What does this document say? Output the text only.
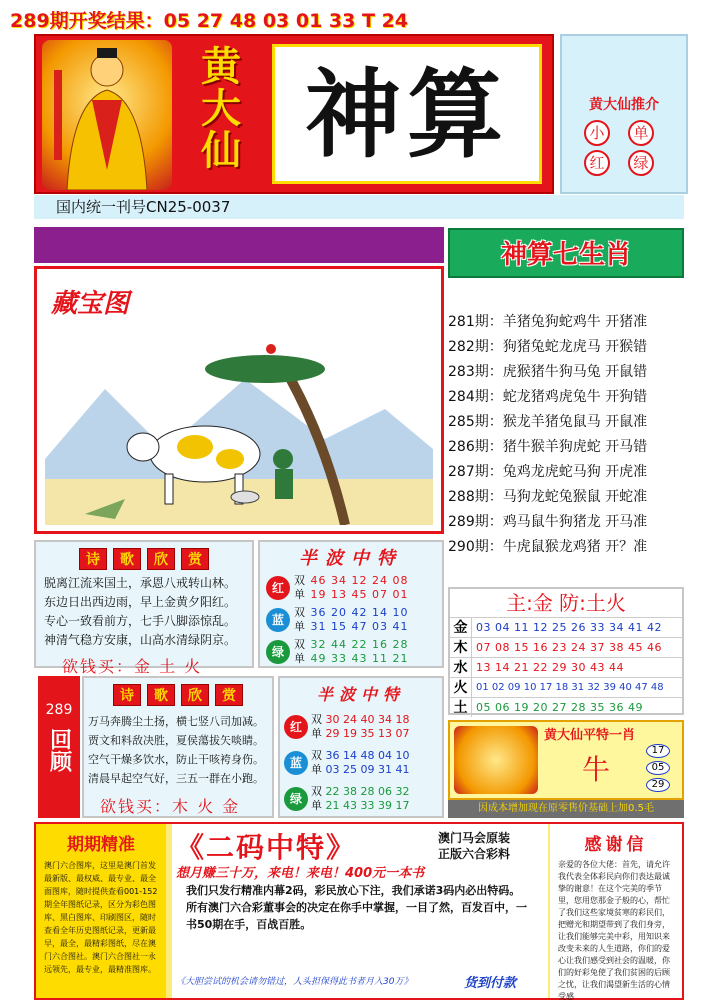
289期开奖结果：05 27 48 03 01 33 T 24
黄
大
仙 神算	黄大仙推介
小	单
红	绿
国内统一刊号CN25-0037
神算七生肖
藏宝图
281期：羊猪兔狗蛇鸡牛 开猪准
282期：狗猪兔蛇龙虎马 开猴错
283期：虎猴猪牛狗马兔 开鼠错
284期：蛇龙猪鸡虎兔牛 开狗错
285期：猴龙羊猪兔鼠马 开鼠准
286期：猪牛猴羊狗虎蛇 开马错
287期：兔鸡龙虎蛇马狗 开虎准
288期：马狗龙蛇兔猴鼠 开蛇准
289期：鸡马鼠牛狗猪龙 开马准
290期：牛虎鼠猴龙鸡猪 开？准
诗	歌	欣	赏
脱离江流来国土，承恩八戒转山林。
东边日出西边雨，早上金黄夕阳红。
专心一致看前方，七手八脚添惊乱。
神清气稳方安康，山高水清绿阴京。
欲钱买：金 土 火
半波中特
红
双 46 34 12 24 08
单 19 13 45 07 01
蓝
双 36 20 42 14 10
单 31 15 47 03 41
绿
双 32 44 22 16 28
单 49 33 43 11 21
主:金 防:土火
金 03 04 11 12 25 26 33 34 41 42
木 07 08 15 16 23 24 37 38 45 46
水 13 14 21 22 29 30 43 44
火 01 02 09 10 17 18 31 32 39 40 47 48
土 05 06 19 20 27 28 35 36 49
289
回顾
诗	歌	欣	赏
万马奔腾尘土扬，横七竖八司加减。
贾文和料敌决胜，夏侯蕩拔矢啖睛。
空气干燥多饮水，防止干咳袴身伤。
清晨早起空气好，三五一群在小跑。
欲钱买：木 火 金
半波中特
红
双 30 24 40 34 18
单 29 19 35 13 07
蓝
双 36 14 48 04 10
单 03 25 09 31 41
绿
双 22 38 28 06 32
单 21 43 33 39 17
黄大仙平特一肖
牛
17
05
29
因成本增加现在原零售价基础上加0.5毛
期期精准
澳门六合图库，这里是澳门首发最新版、最权威、最专业、最全面图库，随时提供查看001-152期全年图纸记录，区分为彩色图库、黑白图库、印刷图区，随时查看全年历史图纸记录，更新最早，最全，最精彩图纸，尽在澳门六合图社。澳门六合图社一永远领先，最专业，最精准图库。
《二码中特》	澳门马会原装
正版六合彩料
想月赚三十万，来电！来电！400元一本书
我们只发行精准内幕2码，彩民放心下注，我们承诺3码内必出特码。所有澳门六合彩董事会的决定在你手中掌握，一目了然，百发百中，一书50期在手，百战百胜。
《大胆尝试的机会请勿错过，人头担保得此书者月入30万》	货到付款
感谢信
亲爱的各位大佬：首先，请允许我代表全体彩民向你们表达最诚挚的谢意！在这个完美的季节里，您用您那金子般的心，帮忙了我们这些家境贫寒的彩民们，把赠光和期望带到了我们身旁，让我们能够完美中彩，用知识来改变未来的人生道路，你们的爱心让我们感受到社会的温暖，你们的好彩兔使了我们贫困的后顾之忧，让我们渴望新生活的心情受感
